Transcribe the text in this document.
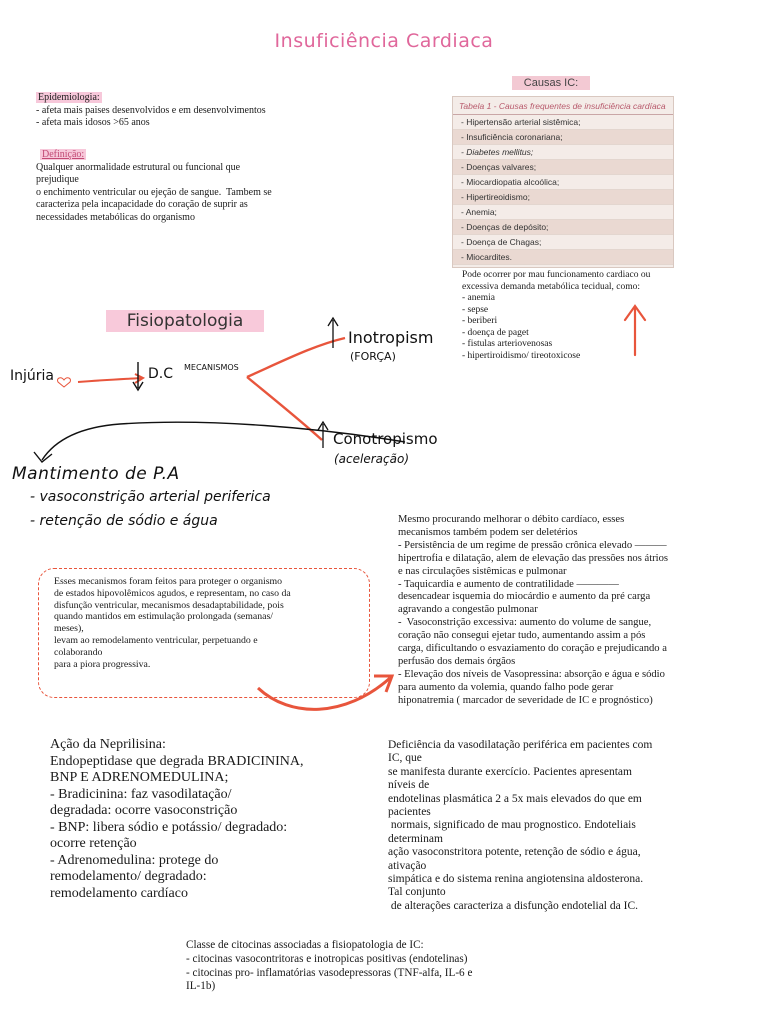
Insuficiência Cardiaca
Epidemiologia:
- afeta mais paises desenvolvidos e em desenvolvimentos
- afeta mais idosos >65 anos
Definição:
Qualquer anormalidade estrutural ou funcional que
prejudique
o enchimento ventricular ou ejeção de sangue.  Tambem se
caracteriza pela incapacidade do coração de suprir as
necessidades metabólicas do organismo
Causas IC:
Tabela 1 - Causas frequentes de insuficiência cardíaca
- Hipertensão arterial sistêmica;
- Insuficiência coronariana;
- Diabetes mellitus;
- Doenças valvares;
- Miocardiopatia alcoólica;
- Hipertireoidismo;
- Anemia;
- Doenças de depósito;
- Doença de Chagas;
- Miocardites.
Pode ocorrer por mau funcionamento cardiaco ou
excessiva demanda metabólica tecidual, como:
- anemia
- sepse
- beriberi
- doença de paget
- fistulas arteriovenosas
- hipertiroidismo/ tireotoxicose
Fisiopatologia
Injúria	D.C MECANISMOS
Inotropism
(FORÇA)
Conotropismo
(aceleração)
Mantimento de P.A
- vasoconstrição arterial periferica
- retenção de sódio e água
Esses mecanismos foram feitos para proteger o organismo
de estados hipovolêmicos agudos, e representam, no caso da
disfunção ventricular, mecanismos desadaptabilidade, pois
quando mantidos em estimulação prolongada (semanas/
meses),
levam ao remodelamento ventricular, perpetuando e
colaborando
para a piora progressiva.
Mesmo procurando melhorar o débito cardíaco, esses
mecanismos também podem ser deletérios
- Persistência de um regime de pressão crônica elevado ———
hipertrofia e dilatação, alem de elevação das pressões nos átrios
e nas circulações sistêmicas e pulmonar
- Taquicardia e aumento de contratilidade ————
desencadear isquemia do miocárdio e aumento da pré carga
agravando a congestão pulmonar
-  Vasoconstrição excessiva: aumento do volume de sangue,
coração não consegui ejetar tudo, aumentando assim a pós
carga, dificultando o esvaziamento do coração e prejudicando a
perfusão dos demais órgãos
- Elevação dos níveis de Vasopressina: absorção e água e sódio
para aumento da volemia, quando falho pode gerar
hiponatremia ( marcador de severidade de IC e prognóstico)
Ação da Neprilisina:
Endopeptidase que degrada BRADICININA,
BNP E ADRENOMEDULINA;
- Bradicinina: faz vasodilatação/
degradada: ocorre vasoconstrição
- BNP: libera sódio e potássio/ degradado:
ocorre retenção
- Adrenomedulina: protege do
remodelamento/ degradado:
remodelamento cardíaco
Deficiência da vasodilatação periférica em pacientes com
IC, que
se manifesta durante exercício. Pacientes apresentam
níveis de
endotelinas plasmática 2 a 5x mais elevados do que em
pacientes
normais, significado de mau prognostico. Endoteliais
determinam
ação vasoconstritora potente, retenção de sódio e água,
ativação
simpática e do sistema renina angiotensina aldosterona.
Tal conjunto
de alterações caracteriza a disfunção endotelial da IC.
Classe de citocinas associadas a fisiopatologia de IC:
- citocinas vasocontritoras e inotropicas positivas (endotelinas)
- citocinas pro- inflamatórias vasodepressoras (TNF-alfa, IL-6 e
IL-1b)
